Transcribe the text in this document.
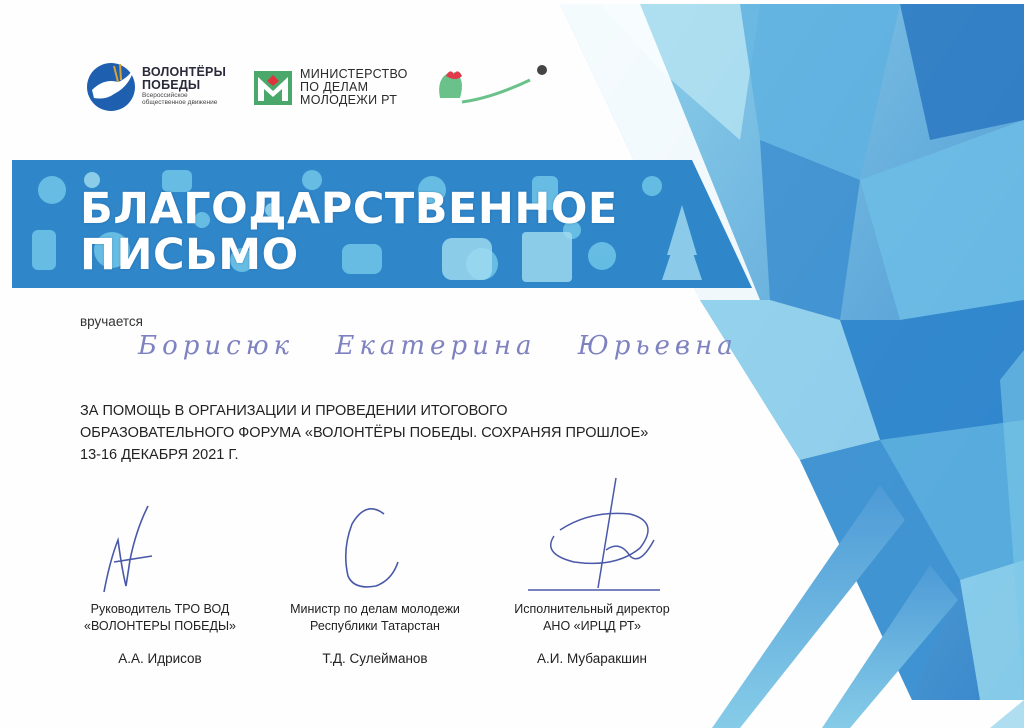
ВОЛОНТЁРЫ
ПОБЕДЫ
Всероссийское общественное движение
МИНИСТЕРСТВО
ПО ДЕЛАМ
МОЛОДЕЖИ РТ
БЛАГОДАРСТВЕННОЕ
ПИСЬМО
вручается
Борисюк Екатерина Юрьевна
ЗА ПОМОЩЬ В ОРГАНИЗАЦИИ И ПРОВЕДЕНИИ ИТОГОВОГО
ОБРАЗОВАТЕЛЬНОГО ФОРУМА «ВОЛОНТЁРЫ ПОБЕДЫ. СОХРАНЯЯ ПРОШЛОЕ»
13-16 ДЕКАБРЯ 2021 Г.
Руководитель ТРО ВОД
«ВОЛОНТЕРЫ ПОБЕДЫ»
Министр по делам молодежи
Республики Татарстан
Исполнительный директор
АНО «ИРЦД РТ»
А.А. Идрисов	Т.Д. Сулейманов	А.И. Мубаракшин
